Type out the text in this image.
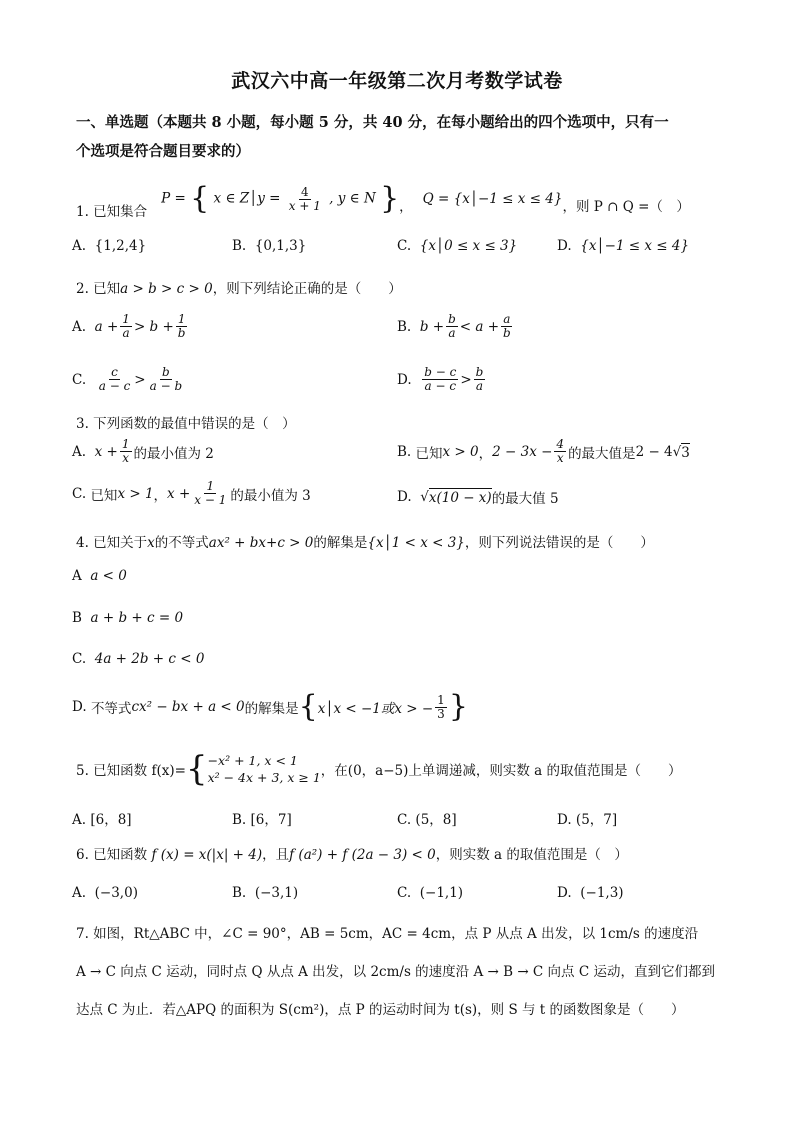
武汉六中高一年级第二次月考数学试卷
一、单选题（本题共 8 小题，每小题 5 分，共 40 分，在每小题给出的四个选项中，只有一
个选项是符合题目要求的）
1. 已知集合
P = { x ∈ Z│y = $\frac{4}{x + 1}$ , y ∈ N } ， Q = {x│−1 ≤ x ≤ 4} ，则 P ∩ Q =（　）
A. {1,2,4}	B. {0,1,3}	C. {x│0 ≤ x ≤ 3}	D. {x│−1 ≤ x ≤ 4}
2. 已知a > b > c > 0，则下列结论正确的是（　　）
A.
$a + \frac{1}{a} > b + \frac{1}{b}$	B.
$b + \frac{b}{a} < a + \frac{a}{b}$
C.
$\frac{c}{a - c} > \frac{b}{a - b}$	D.
$\frac{b - c}{a - c} > \frac{b}{a}$
3. 下列函数的最值中错误的是（　）
A.
$x + \frac{1}{x}$ 的最小值为 2	B.
已知 x > 0 ， $2 - 3x - \frac{4}{x}$ 的最大值是 2 − 4 √ 3
C.
已知 x > 1 ， $x + \frac{1}{x - 1}$ 的最小值为 3	D.
√ x(10 − x) 的最大值 5
4. 已知关于x的不等式ax² + bx+c > 0的解集是{x│1 < x < 3}，则下列说法错误的是（　　）
A a < 0
B a + b + c = 0
C. 4a + 2b + c < 0
D.
不等式 cx² − bx + a < 0 的解集是 { x│x < −1或x > − $\frac{1}{3}$ }
5. 已知函数 f(x)= { −x² + 1, x < 1
x² − 4x + 3, x ≥ 1 ，在(0，a−5)上单调递减，则实数 a 的取值范围是（　　）
A. [6，8]	B. [6，7]	C. (5，8]	D. (5，7]
6. 已知函数 f (x) = x(|x| + 4)，且f (a²) + f (2a − 3) < 0，则实数 a 的取值范围是（　）
A. (−3,0)	B. (−3,1)	C. (−1,1)	D. (−1,3)
7. 如图，Rt△ABC 中，∠C = 90°，AB = 5cm，AC = 4cm，点 P 从点 A 出发，以 1cm/s 的速度沿
A → C 向点 C 运动，同时点 Q 从点 A 出发，以 2cm/s 的速度沿 A → B → C 向点 C 运动，直到它们都到
达点 C 为止．若△APQ 的面积为 S(cm²)，点 P 的运动时间为 t(s)，则 S 与 t 的函数图象是（　　）
